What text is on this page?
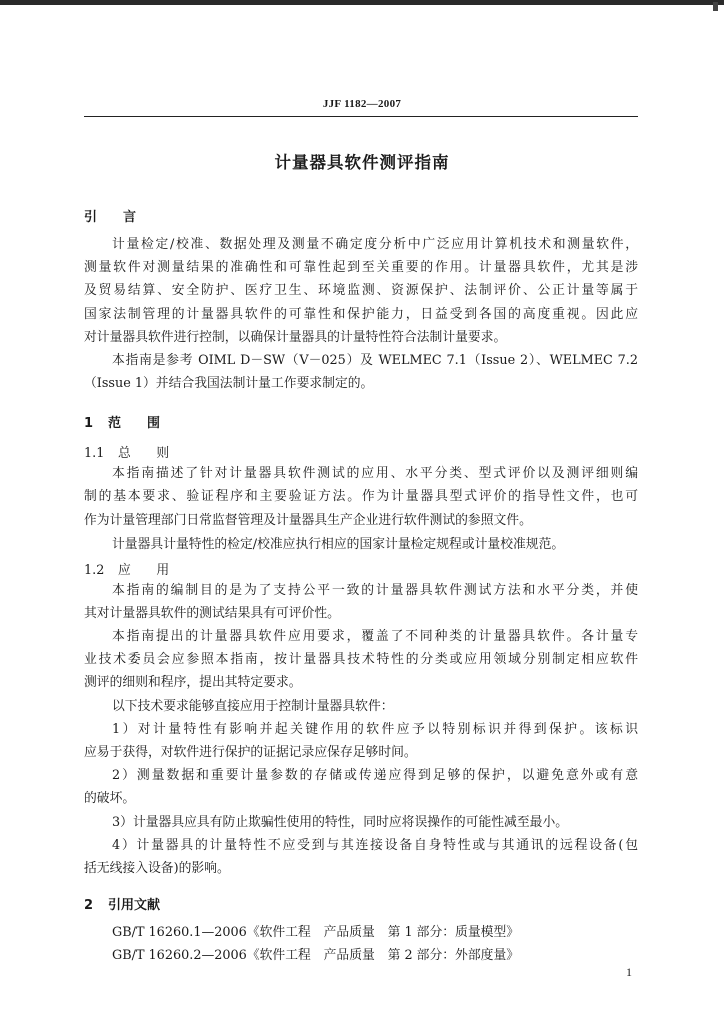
JJF 1182—2007
计量器具软件测评指南
引　　言
计量检定/校准、数据处理及测量不确定度分析中广泛应用计算机技术和测量软件，
测量软件对测量结果的准确性和可靠性起到至关重要的作用。计量器具软件，尤其是涉
及贸易结算、安全防护、医疗卫生、环境监测、资源保护、法制评价、公正计量等属于
国家法制管理的计量器具软件的可靠性和保护能力，日益受到各国的高度重视。因此应
对计量器具软件进行控制，以确保计量器具的计量特性符合法制计量要求。
本指南是参考 OIML D－SW（V－025）及 WELMEC 7.1（Issue 2）、WELMEC 7.2
（Issue 1）并结合我国法制计量工作要求制定的。
1 范　　围
1.1 总　　则
本指南描述了针对计量器具软件测试的应用、水平分类、型式评价以及测评细则编
制的基本要求、验证程序和主要验证方法。作为计量器具型式评价的指导性文件，也可
作为计量管理部门日常监督管理及计量器具生产企业进行软件测试的参照文件。
计量器具计量特性的检定/校准应执行相应的国家计量检定规程或计量校准规范。
1.2 应　　用
本指南的编制目的是为了支持公平一致的计量器具软件测试方法和水平分类，并使
其对计量器具软件的测试结果具有可评价性。
本指南提出的计量器具软件应用要求，覆盖了不同种类的计量器具软件。各计量专
业技术委员会应参照本指南，按计量器具技术特性的分类或应用领域分别制定相应软件
测评的细则和程序，提出其特定要求。
以下技术要求能够直接应用于控制计量器具软件：
1）对计量特性有影响并起关键作用的软件应予以特别标识并得到保护。该标识
应易于获得，对软件进行保护的证据记录应保存足够时间。
2）测量数据和重要计量参数的存储或传递应得到足够的保护，以避免意外或有意
的破坏。
3）计量器具应具有防止欺骗性使用的特性，同时应将误操作的可能性减至最小。
4）计量器具的计量特性不应受到与其连接设备自身特性或与其通讯的远程设备(包
括无线接入设备)的影响。
2 引用文献
GB/T 16260.1—2006《软件工程　产品质量　第 1 部分：质量模型》
GB/T 16260.2—2006《软件工程　产品质量　第 2 部分：外部度量》
1
